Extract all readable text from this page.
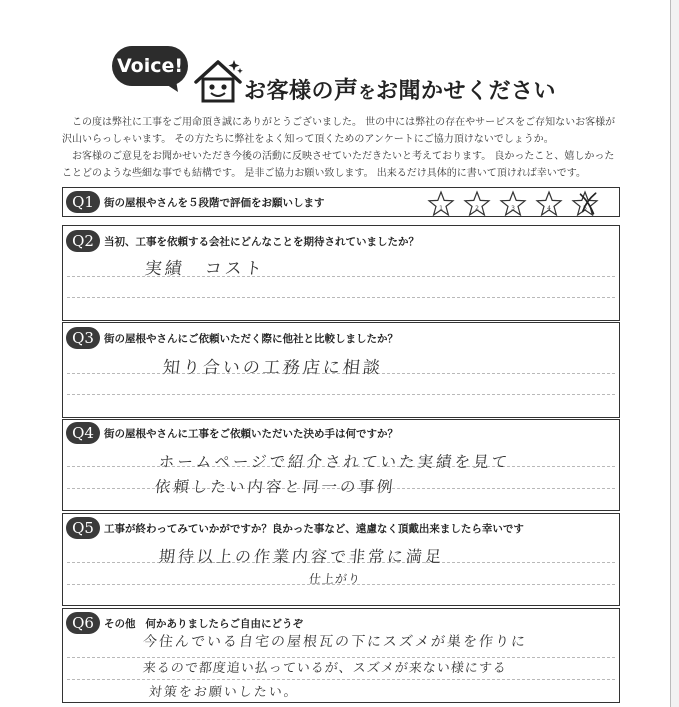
Voice!
お客様の声をお聞かせください

この度は弊社に工事をご用命頂き誠にありがとうございました。 世の中には弊社の存在やサービスをご存知ないお客様が沢山いらっしゃいます。 その方たちに弊社をよく知って頂くためのアンケートにご協力頂けないでしょうか。

お客様のご意見をお聞かせいただき今後の活動に反映させていただきたいと考えております。 良かったこと、嬉しかったことどのような些細な事でも結構です。 是非ご協力お願い致します。 出来るだけ具体的に書いて頂ければ幸いです。

Q1 街の屋根やさんを５段階で評価をお願いします	1	2	3	4	5
Q2 当初、工事を依頼する会社にどんなことを期待されていましたか？
実績　コスト
Q3 街の屋根やさんにご依頼いただく際に他社と比較しましたか？
知り合いの工務店に相談
Q4 街の屋根やさんに工事をご依頼いただいた決め手は何ですか？
ホームページで紹介されていた実績を見て
依頼したい内容と同一の事例
Q5 工事が終わってみていかがですか？良かった事など、遠慮なく頂戴出来ましたら幸いです
期待以上の作業内容で非常に満足
仕上がり
Q6 その他 何かありましたらご自由にどうぞ
今住んでいる自宅の屋根瓦の下にスズメが巣を作りに
来るので都度追い払っているが、スズメが来ない様にする
対策をお願いしたい。
